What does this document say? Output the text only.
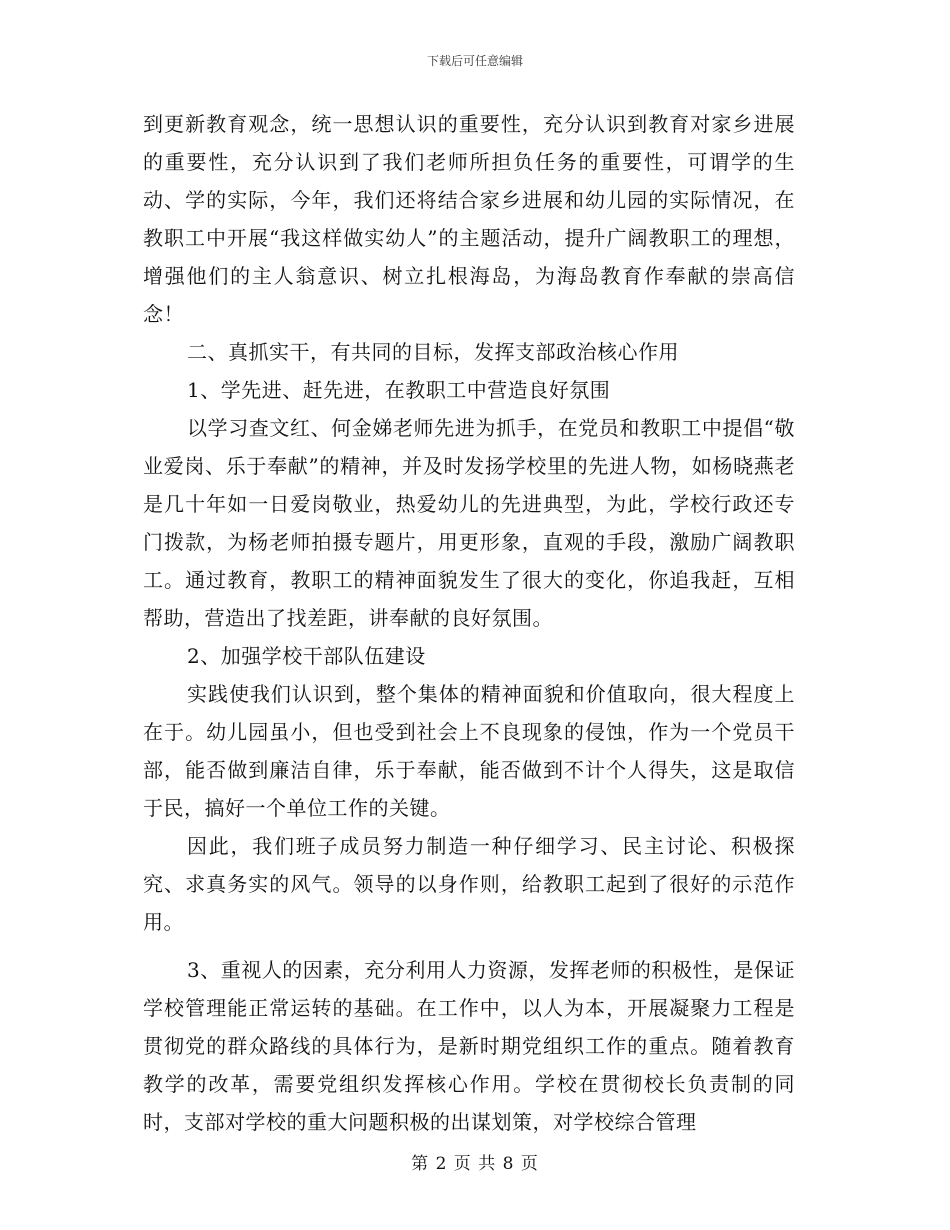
下载后可任意编辑

到更新教育观念，统一思想认识的重要性，充分认识到教育对家乡进展的重要性，充分认识到了我们老师所担负任务的重要性，可谓学的生动、学的实际，今年，我们还将结合家乡进展和幼儿园的实际情况，在教职工中开展“我这样做实幼人”的主题活动，提升广阔教职工的理想，增强他们的主人翁意识、树立扎根海岛，为海岛教育作奉献的崇高信念！

二、真抓实干，有共同的目标，发挥支部政治核心作用

1、学先进、赶先进，在教职工中营造良好氛围

以学习查文红、何金娣老师先进为抓手，在党员和教职工中提倡“敬业爱岗、乐于奉献”的精神，并及时发扬学校里的先进人物，如杨晓燕老是几十年如一日爱岗敬业，热爱幼儿的先进典型，为此，学校行政还专门拨款，为杨老师拍摄专题片，用更形象，直观的手段，激励广阔教职工。通过教育，教职工的精神面貌发生了很大的变化，你追我赶，互相帮助，营造出了找差距，讲奉献的良好氛围。

2、加强学校干部队伍建设

实践使我们认识到，整个集体的精神面貌和价值取向，很大程度上在于。幼儿园虽小，但也受到社会上不良现象的侵蚀，作为一个党员干部，能否做到廉洁自律，乐于奉献，能否做到不计个人得失，这是取信于民，搞好一个单位工作的关键。

因此，我们班子成员努力制造一种仔细学习、民主讨论、积极探究、求真务实的风气。领导的以身作则，给教职工起到了很好的示范作用。

3、重视人的因素，充分利用人力资源，发挥老师的积极性，是保证学校管理能正常运转的基础。在工作中，以人为本，开展凝聚力工程是贯彻党的群众路线的具体行为，是新时期党组织工作的重点。随着教育教学的改革，需要党组织发挥核心作用。学校在贯彻校长负责制的同时，支部对学校的重大问题积极的出谋划策，对学校综合管理

第 2 页 共 8 页
